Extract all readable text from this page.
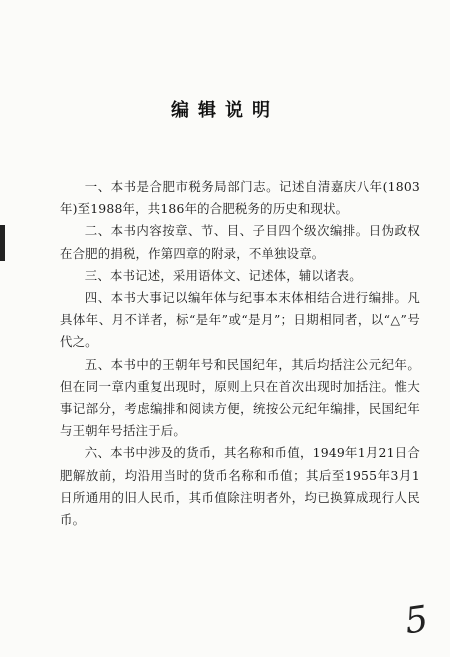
编辑说明

一、本书是合肥市税务局部门志。记述自清嘉庆八年(1803年)至1988年，共186年的合肥税务的历史和现状。

二、本书内容按章、节、目、子目四个级次编排。日伪政权在合肥的捐税，作第四章的附录，不单独设章。

三、本书记述，采用语体文、记述体，辅以诸表。

四、本书大事记以编年体与纪事本末体相结合进行编排。凡具体年、月不详者，标“是年”或“是月”；日期相同者，以“△”号代之。

五、本书中的王朝年号和民国纪年，其后均括注公元纪年。但在同一章内重复出现时，原则上只在首次出现时加括注。惟大事记部分，考虑编排和阅读方便，统按公元纪年编排，民国纪年与王朝年号括注于后。

六、本书中涉及的货币，其名称和币值，1949年1月21日合肥解放前，均沿用当时的货币名称和币值；其后至1955年3月1日所通用的旧人民币，其币值除注明者外，均已换算成现行人民币。

5
